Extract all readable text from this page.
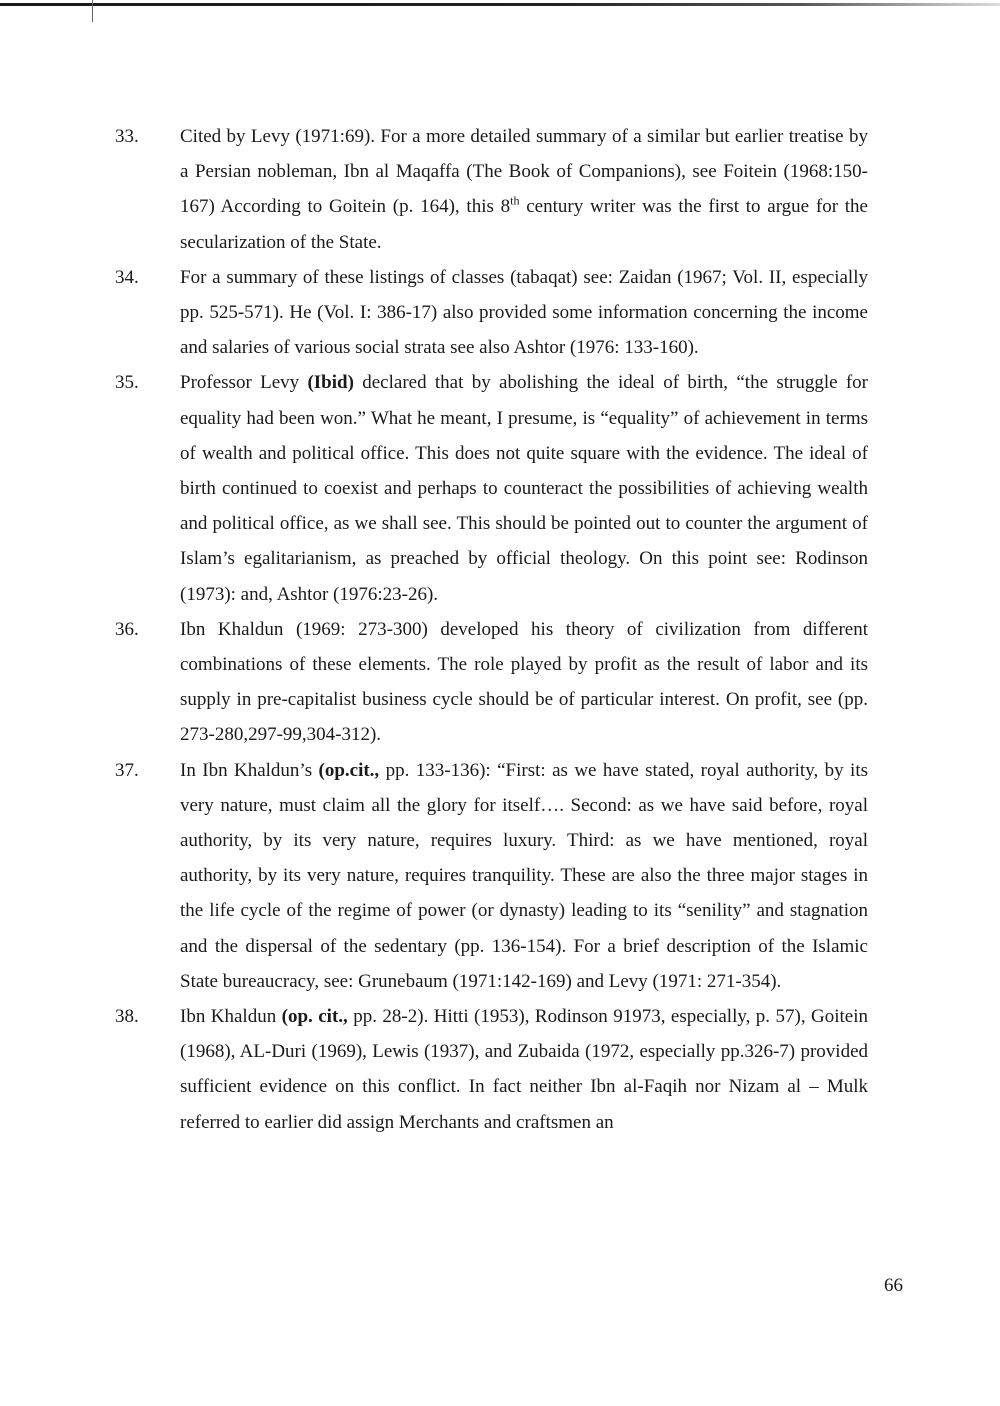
33. Cited by Levy (1971:69). For a more detailed summary of a similar but earlier treatise by a Persian nobleman, Ibn al Maqaffa (The Book of Companions), see Foitein (1968:150-167) According to Goitein (p. 164), this 8th century writer was the first to argue for the secularization of the State.
34. For a summary of these listings of classes (tabaqat) see: Zaidan (1967; Vol. II, especially pp. 525-571). He (Vol. I: 386-17) also provided some information concerning the income and salaries of various social strata see also Ashtor (1976: 133-160).
35. Professor Levy (Ibid) declared that by abolishing the ideal of birth, “the struggle for equality had been won.” What he meant, I presume, is “equality” of achievement in terms of wealth and political office. This does not quite square with the evidence. The ideal of birth continued to coexist and perhaps to counteract the possibilities of achieving wealth and political office, as we shall see. This should be pointed out to counter the argument of Islam’s egalitarianism, as preached by official theology. On this point see: Rodinson (1973): and, Ashtor (1976:23-26).
36. Ibn Khaldun (1969: 273-300) developed his theory of civilization from different combinations of these elements. The role played by profit as the result of labor and its supply in pre-capitalist business cycle should be of particular interest. On profit, see (pp. 273-280,297-99,304-312).
37. In Ibn Khaldun’s (op.cit., pp. 133-136): “First: as we have stated, royal authority, by its very nature, must claim all the glory for itself…. Second: as we have said before, royal authority, by its very nature, requires luxury. Third: as we have mentioned, royal authority, by its very nature, requires tranquility. These are also the three major stages in the life cycle of the regime of power (or dynasty) leading to its “senility” and stagnation and the dispersal of the sedentary (pp. 136-154). For a brief description of the Islamic State bureaucracy, see: Grunebaum (1971:142-169) and Levy (1971: 271-354).
38. Ibn Khaldun (op. cit., pp. 28-2). Hitti (1953), Rodinson 91973, especially, p. 57), Goitein (1968), AL-Duri (1969), Lewis (1937), and Zubaida (1972, especially pp.326-7) provided sufficient evidence on this conflict. In fact neither Ibn al-Faqih nor Nizam al – Mulk referred to earlier did assign Merchants and craftsmen an
66
